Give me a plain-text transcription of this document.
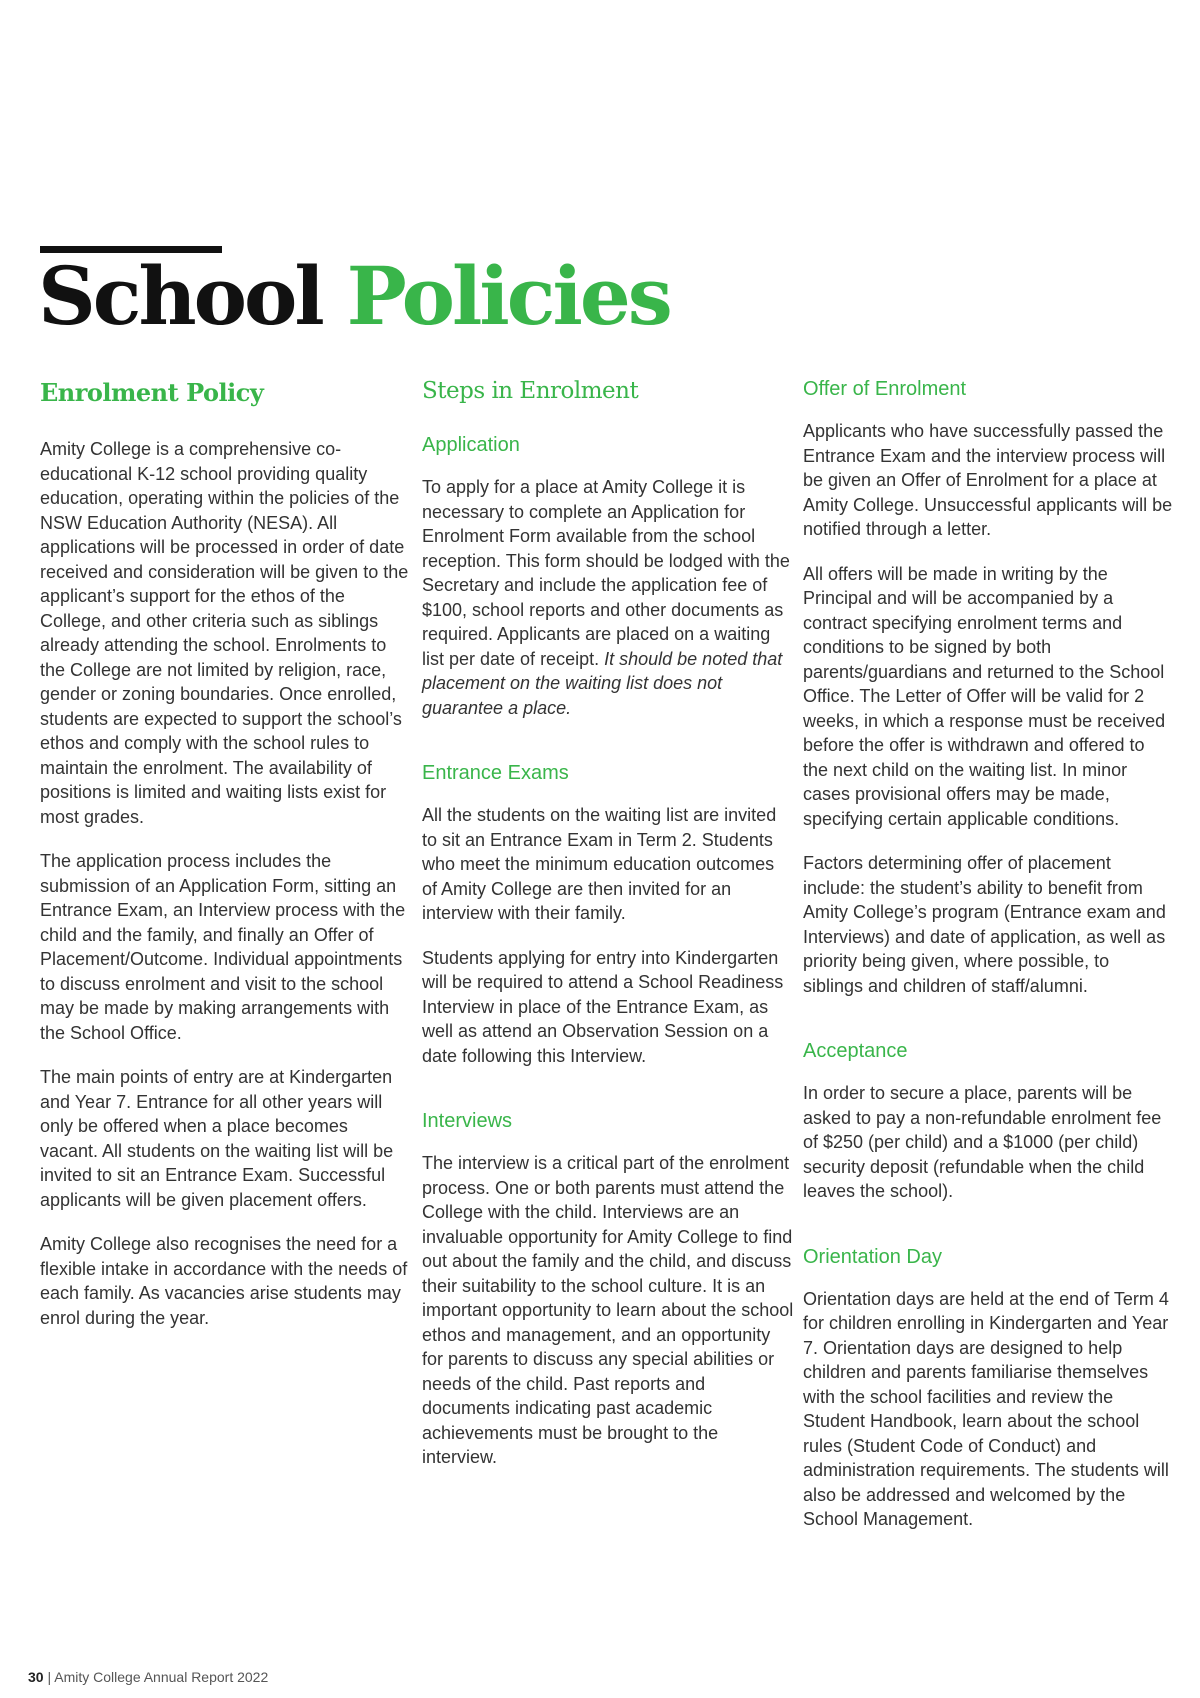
School Policies
Enrolment Policy

Amity College is a comprehensive co-educational K-12 school providing quality education, operating within the policies of the NSW Education Authority (NESA). All applications will be processed in order of date received and consideration will be given to the applicant’s support for the ethos of the College, and other criteria such as siblings already attending the school. Enrolments to the College are not limited by religion, race, gender or zoning boundaries. Once enrolled, students are expected to support the school’s ethos and comply with the school rules to maintain the enrolment. The availability of positions is limited and waiting lists exist for most grades.

The application process includes the submission of an Application Form, sitting an Entrance Exam, an Interview process with the child and the family, and finally an Offer of Placement/Outcome. Individual appointments to discuss enrolment and visit to the school may be made by making arrangements with the School Office.

The main points of entry are at Kindergarten and Year 7. Entrance for all other years will only be offered when a place becomes vacant. All students on the waiting list will be invited to sit an Entrance Exam. Successful applicants will be given placement offers.

Amity College also recognises the need for a flexible intake in accordance with the needs of each family. As vacancies arise students may enrol during the year.

Steps in Enrolment
Application

To apply for a place at Amity College it is necessary to complete an Application for Enrolment Form available from the school reception. This form should be lodged with the Secretary and include the application fee of $100, school reports and other documents as required. Applicants are placed on a waiting list per date of receipt. It should be noted that placement on the waiting list does not guarantee a place.

Entrance Exams

All the students on the waiting list are invited to sit an Entrance Exam in Term 2. Students who meet the minimum education outcomes of Amity College are then invited for an interview with their family.

Students applying for entry into Kindergarten will be required to attend a School Readiness Interview in place of the Entrance Exam, as well as attend an Observation Session on a date following this Interview.

Interviews

The interview is a critical part of the enrolment process. One or both parents must attend the College with the child. Interviews are an invaluable opportunity for Amity College to find out about the family and the child, and discuss their suitability to the school culture. It is an important opportunity to learn about the school ethos and management, and an opportunity for parents to discuss any special abilities or needs of the child. Past reports and documents indicating past academic achievements must be brought to the interview.

Offer of Enrolment

Applicants who have successfully passed the Entrance Exam and the interview process will be given an Offer of Enrolment for a place at Amity College. Unsuccessful applicants will be notified through a letter.

All offers will be made in writing by the Principal and will be accompanied by a contract specifying enrolment terms and conditions to be signed by both parents/guardians and returned to the School Office. The Letter of Offer will be valid for 2 weeks, in which a response must be received before the offer is withdrawn and offered to the next child on the waiting list. In minor cases provisional offers may be made, specifying certain applicable conditions.

Factors determining offer of placement include: the student’s ability to benefit from Amity College’s program (Entrance exam and Interviews) and date of application, as well as priority being given, where possible, to siblings and children of staff/alumni.

Acceptance

In order to secure a place, parents will be asked to pay a non-refundable enrolment fee of $250 (per child) and a $1000 (per child) security deposit (refundable when the child leaves the school).

Orientation Day

Orientation days are held at the end of Term 4 for children enrolling in Kindergarten and Year 7. Orientation days are designed to help children and parents familiarise themselves with the school facilities and review the Student Handbook, learn about the school rules (Student Code of Conduct) and administration requirements. The students will also be addressed and welcomed by the School Management.

30 | Amity College Annual Report 2022
